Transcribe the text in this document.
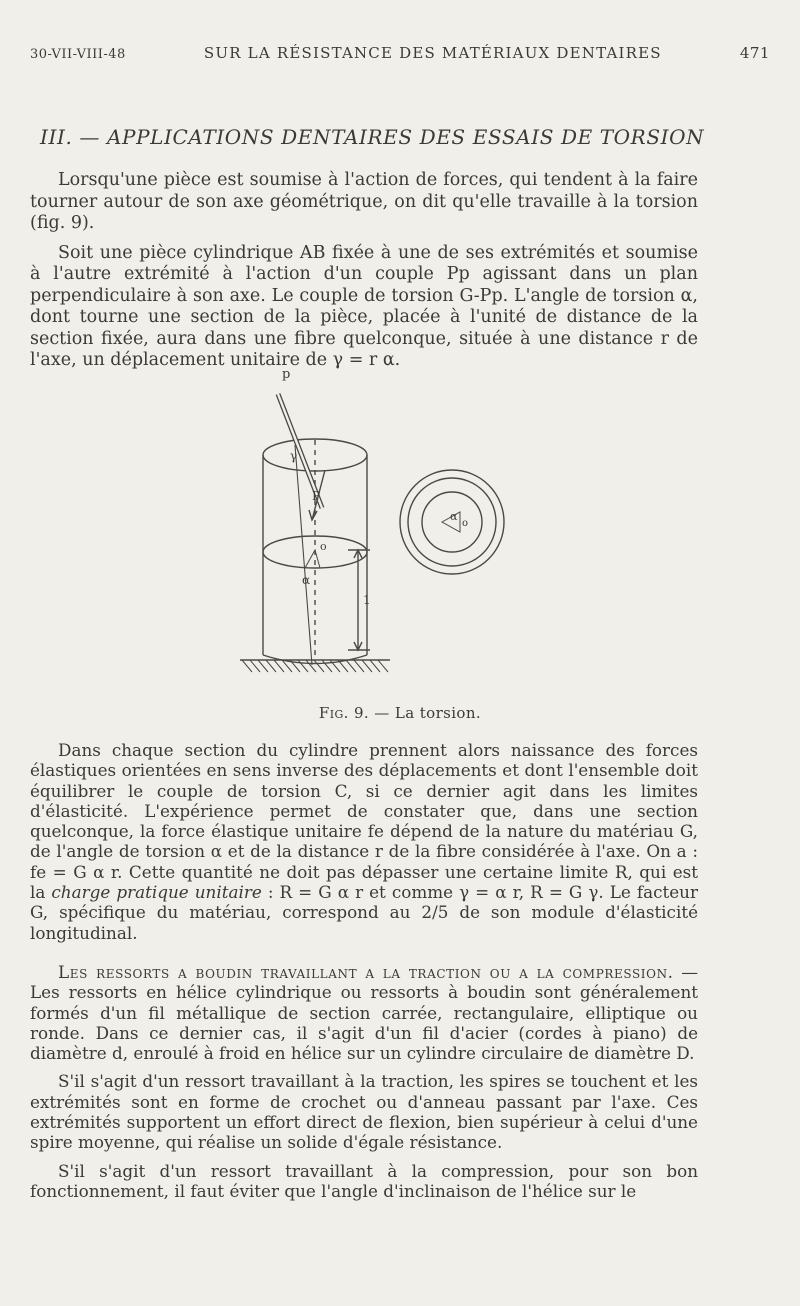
30-VII-VIII-48	SUR LA RÉSISTANCE DES MATÉRIAUX DENTAIRES	471
III. — APPLICATIONS DENTAIRES DES ESSAIS DE TORSION

Lorsqu'une pièce est soumise à l'action de forces, qui tendent à la faire tourner autour de son axe géométrique, on dit qu'elle travaille à la torsion (fig. 9).

Soit une pièce cylindrique AB fixée à une de ses extrémités et soumise à l'autre extrémité à l'action d'un couple Pp agissant dans un plan perpendiculaire à son axe. Le couple de torsion G-Pp. L'angle de torsion α, dont tourne une section de la pièce, placée à l'unité de distance de la section fixée, aura dans une fibre quelconque, située à une distance r de l'axe, un déplacement unitaire de γ = r α.

p
P
γ
α
1
o
α
o
Fig. 9. — La torsion.

Dans chaque section du cylindre prennent alors naissance des forces élastiques orientées en sens inverse des déplacements et dont l'ensemble doit équilibrer le couple de torsion C, si ce dernier agit dans les limites d'élasticité. L'expérience permet de constater que, dans une section quelconque, la force élastique unitaire fe dépend de la nature du matériau G, de l'angle de torsion α et de la distance r de la fibre considérée à l'axe. On a : fe = G α r. Cette quantité ne doit pas dépasser une certaine limite R, qui est la charge pratique unitaire : R = G α r et comme γ = α r, R = G γ. Le facteur G, spécifique du matériau, correspond au 2/5 de son module d'élasticité longitudinal.

Les ressorts a boudin travaillant a la traction ou a la compression. — Les ressorts en hélice cylindrique ou ressorts à boudin sont généralement formés d'un fil métallique de section carrée, rectangulaire, elliptique ou ronde. Dans ce dernier cas, il s'agit d'un fil d'acier (cordes à piano) de diamètre d, enroulé à froid en hélice sur un cylindre circulaire de diamètre D.

S'il s'agit d'un ressort travaillant à la traction, les spires se touchent et les extrémités sont en forme de crochet ou d'anneau passant par l'axe. Ces extrémités supportent un effort direct de flexion, bien supérieur à celui d'une spire moyenne, qui réalise un solide d'égale résistance.

S'il s'agit d'un ressort travaillant à la compression, pour son bon fonctionnement, il faut éviter que l'angle d'inclinaison de l'hélice sur le
